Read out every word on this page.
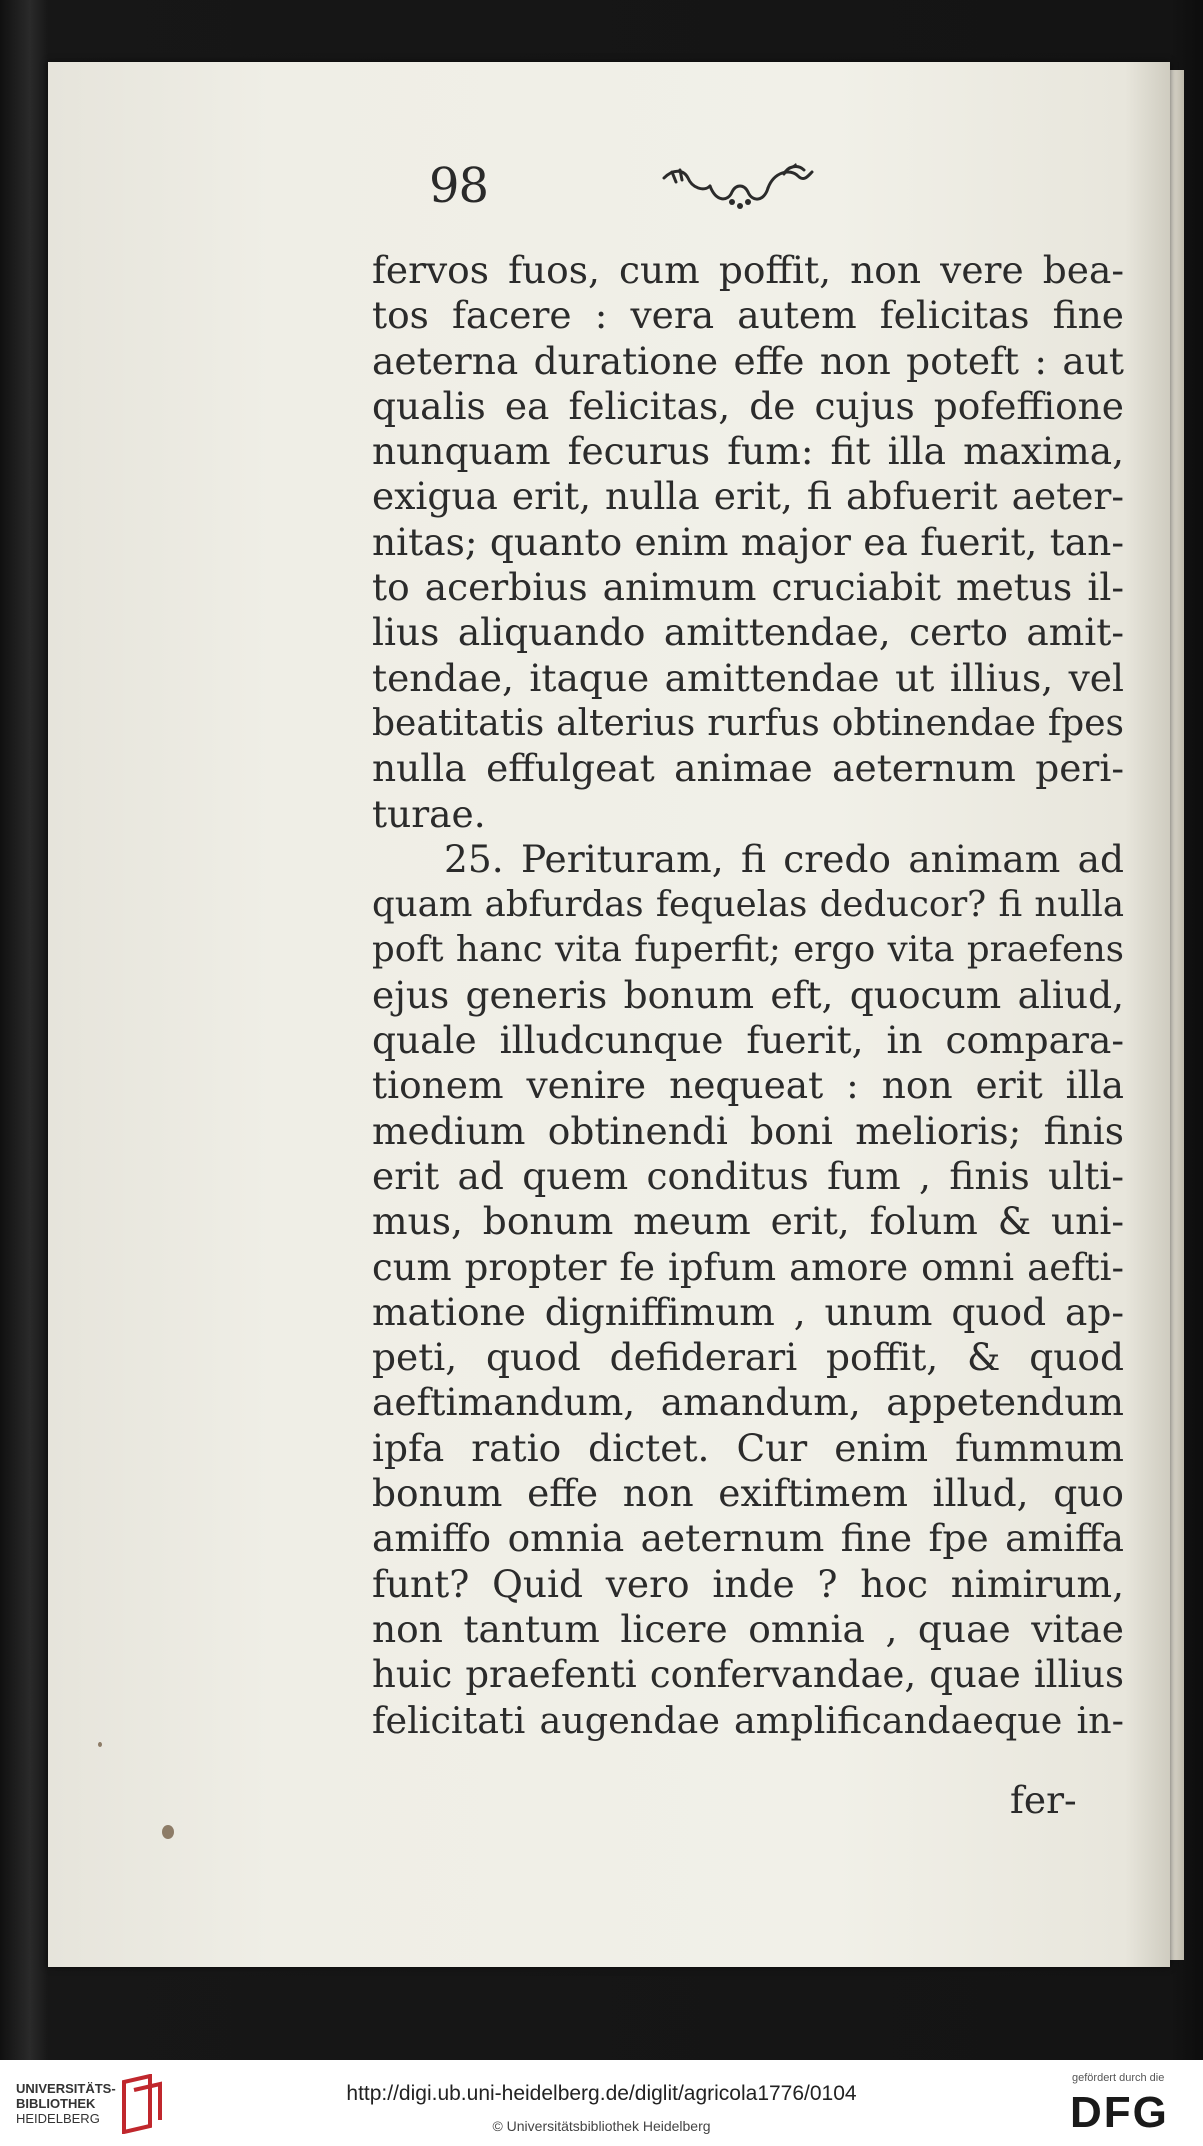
98
fervos fuos, cum poffit, non vere bea-
tos facere : vera autem felicitas fine
aeterna duratione effe non poteft : aut
qualis ea felicitas, de cujus pofeffione
nunquam fecurus fum: fit illa maxima,
exigua erit, nulla erit, fi abfuerit aeter-
nitas; quanto enim major ea fuerit, tan-
to acerbius animum cruciabit metus il-
lius aliquando amittendae, certo amit-
tendae, itaque amittendae ut illius, vel
beatitatis alterius rurfus obtinendae fpes
nulla effulgeat animae aeternum peri-
turae.
25. Perituram, fi credo animam ad
quam abfurdas fequelas deducor? fi nulla
poft hanc vita fuperfit; ergo vita praefens
ejus generis bonum eft, quocum aliud,
quale illudcunque fuerit, in compara-
tionem venire nequeat : non erit illa
medium obtinendi boni melioris; finis
erit ad quem conditus fum , finis ulti-
mus, bonum meum erit, folum & uni-
cum propter fe ipfum amore omni aefti-
matione digniffimum , unum quod ap-
peti, quod defiderari poffit, & quod
aeftimandum, amandum, appetendum
ipfa ratio dictet. Cur enim fummum
bonum effe non exiftimem illud, quo
amiffo omnia aeternum fine fpe amiffa
funt? Quid vero inde ? hoc nimirum,
non tantum licere omnia , quae vitae
huic praefenti confervandae, quae illius
felicitati augendae amplificandaeque in-
fer-
UNIVERSITÄTS-
BIBLIOTHEK
HEIDELBERG
http://digi.ub.uni-heidelberg.de/diglit/agricola1776/0104
© Universitätsbibliothek Heidelberg
gefördert durch die
DFG
